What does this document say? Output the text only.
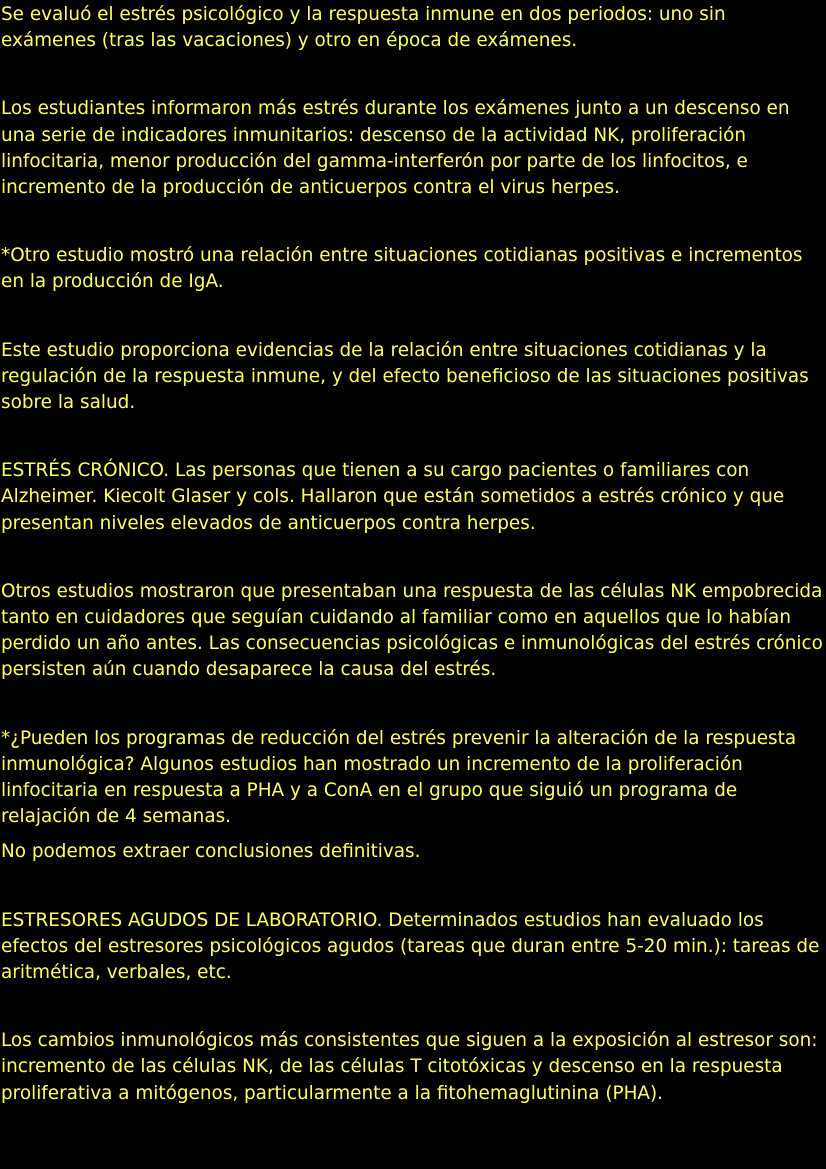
Se evaluó el estrés psicológico y la respuesta inmune en dos periodos: uno sin exámenes (tras las vacaciones) y otro en época de exámenes.

Los estudiantes informaron más estrés durante los exámenes junto a un descenso en una serie de indicadores inmunitarios: descenso de la actividad NK, proliferación linfocitaria, menor producción del gamma-interferón por parte de los linfocitos, e incremento de la producción de anticuerpos contra el virus herpes.

*Otro estudio mostró una relación entre situaciones cotidianas positivas e incrementos en la producción de IgA.

Este estudio proporciona evidencias de la relación entre situaciones cotidianas y la regulación de la respuesta inmune, y del efecto beneficioso de las situaciones positivas sobre la salud.

ESTRÉS CRÓNICO. Las personas que tienen a su cargo pacientes o familiares con Alzheimer. Kiecolt Glaser y cols. Hallaron que están sometidos a estrés crónico y que presentan niveles elevados de anticuerpos contra herpes.

Otros estudios mostraron que presentaban una respuesta de las células NK empobrecida tanto en cuidadores que seguían cuidando al familiar como en aquellos que lo habían perdido un año antes. Las consecuencias psicológicas e inmunológicas del estrés crónico persisten aún cuando desaparece la causa del estrés.

*¿Pueden los programas de reducción del estrés prevenir la alteración de la respuesta inmunológica? Algunos estudios han mostrado un incremento de la proliferación linfocitaria en respuesta a PHA y a ConA en el grupo que siguió un programa de relajación de 4 semanas.

No podemos extraer conclusiones definitivas.

ESTRESORES AGUDOS DE LABORATORIO. Determinados estudios han evaluado los efectos del estresores psicológicos agudos (tareas que duran entre 5-20 min.): tareas de aritmética, verbales, etc.

Los cambios inmunológicos más consistentes que siguen a la exposición al estresor son: incremento de las células NK, de las células T citotóxicas y descenso en la respuesta proliferativa a mitógenos, particularmente a la fitohemaglutinina (PHA).
